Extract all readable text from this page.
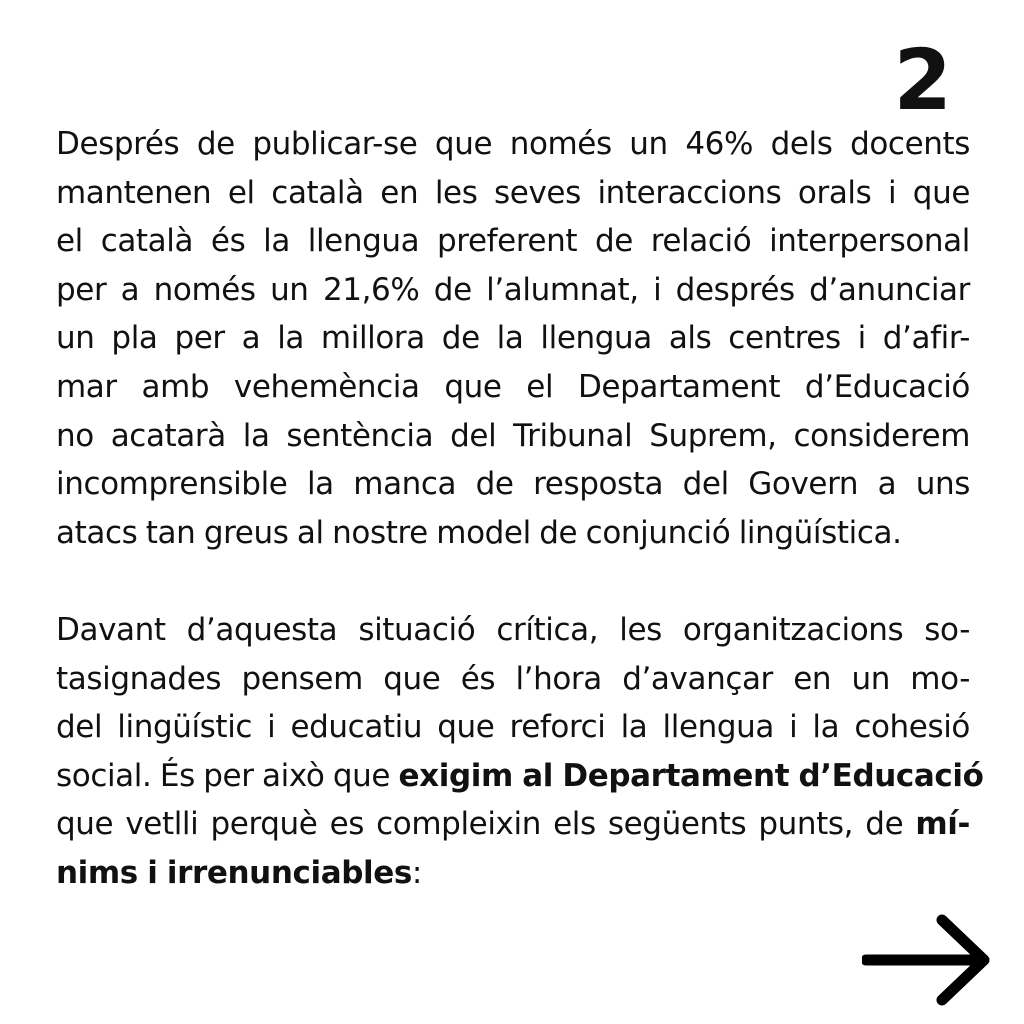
2
Després de publicar-se que només un 46% dels docents
mantenen el català en les seves interaccions orals i que
el català és la llengua preferent de relació interpersonal
per a només un 21,6% de l’alumnat, i després d’anunciar
un pla per a la millora de la llengua als centres i d’afir-
mar amb vehemència que el Departament d’Educació
no acatarà la sentència del Tribunal Suprem, considerem
incomprensible la manca de resposta del Govern a uns
atacs tan greus al nostre model de conjunció lingüística.
Davant d’aquesta situació crítica, les organitzacions so-
tasignades pensem que és l’hora d’avançar en un mo-
del lingüístic i educatiu que reforci la llengua i la cohesió
social. És per això que exigim al Departament d’Educació
que vetlli perquè es compleixin els següents punts, de mí-
nims i irrenunciables:
